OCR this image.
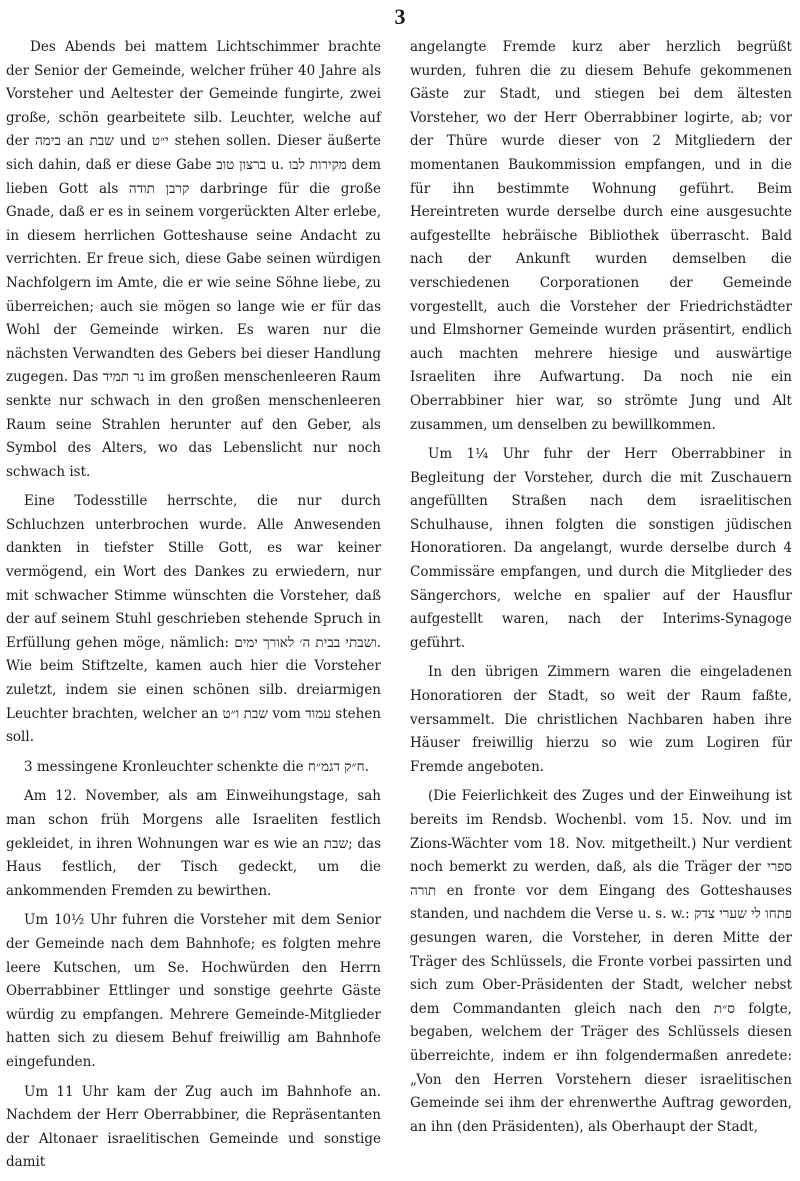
3

Des Abends bei mattem Lichtschimmer brachte der Senior der Gemeinde, welcher früher 40 Jahre als Vorsteher und Aeltester der Gemeinde fungirte, zwei große, schön gearbeitete silb. Leuchter, welche auf der בימה an שבת und י״ט stehen sollen. Dieser äußerte sich dahin, daß er diese Gabe ברצון טוב u. מקירות לבו dem lieben Gott als קרבן תודה darbringe für die große Gnade, daß er es in seinem vorgerückten Alter erlebe, in diesem herrlichen Gotteshause seine Andacht zu verrichten. Er freue sich, diese Gabe seinen würdigen Nachfolgern im Amte, die er wie seine Söhne liebe, zu überreichen; auch sie mögen so lange wie er für das Wohl der Gemeinde wirken. Es waren nur die nächsten Verwandten des Gebers bei dieser Handlung zugegen. Das נר תמיד im großen menschenleeren Raum senkte nur schwach in den großen menschenleeren Raum seine Strahlen herunter auf den Geber, als Symbol des Alters, wo das Lebenslicht nur noch schwach ist.

Eine Todesstille herrschte, die nur durch Schluchzen unterbrochen wurde. Alle Anwesenden dankten in tiefster Stille Gott, es war keiner vermögend, ein Wort des Dankes zu erwiedern, nur mit schwacher Stimme wünschten die Vorsteher, daß der auf seinem Stuhl geschrieben stehende Spruch in Erfüllung gehen möge, nämlich: ושבתי בבית ה׳ לאורך ימים. Wie beim Stiftzelte, kamen auch hier die Vorsteher zuletzt, indem sie einen schönen silb. dreiarmigen Leuchter brachten, welcher an שבת ו״ט vom עמוד stehen soll.

3 messingene Kronleuchter schenkte die ח״ק דגמ״ח.

Am 12. November, als am Einweihungstage, sah man schon früh Morgens alle Israeliten festlich gekleidet, in ihren Wohnungen war es wie an שבת; das Haus festlich, der Tisch gedeckt, um die ankommenden Fremden zu bewirthen.

Um 10½ Uhr fuhren die Vorsteher mit dem Senior der Gemeinde nach dem Bahnhofe; es folgten mehre leere Kutschen, um Se. Hochwürden den Herrn Oberrabbiner Ettlinger und sonstige geehrte Gäste würdig zu empfangen. Mehrere Gemeinde-Mitglieder hatten sich zu diesem Behuf freiwillig am Bahnhofe eingefunden.

Um 11 Uhr kam der Zug auch im Bahnhofe an. Nachdem der Herr Oberrabbiner, die Repräsentanten der Altonaer israelitischen Gemeinde und sonstige damit

angelangte Fremde kurz aber herzlich begrüßt wurden, fuhren die zu diesem Behufe gekommenen Gäste zur Stadt, und stiegen bei dem ältesten Vorsteher, wo der Herr Oberrabbiner logirte, ab; vor der Thüre wurde dieser von 2 Mitgliedern der momentanen Baukommission empfangen, und in die für ihn bestimmte Wohnung geführt. Beim Hereintreten wurde derselbe durch eine ausgesuchte aufgestellte hebräische Bibliothek überrascht. Bald nach der Ankunft wurden demselben die verschiedenen Corporationen der Gemeinde vorgestellt, auch die Vorsteher der Friedrichstädter und Elmshorner Gemeinde wurden präsentirt, endlich auch machten mehrere hiesige und auswärtige Israeliten ihre Aufwartung. Da noch nie ein Oberrabbiner hier war, so strömte Jung und Alt zusammen, um denselben zu bewillkommen.

Um 1¼ Uhr fuhr der Herr Oberrabbiner in Begleitung der Vorsteher, durch die mit Zuschauern angefüllten Straßen nach dem israelitischen Schulhause, ihnen folgten die sonstigen jüdischen Honoratioren. Da angelangt, wurde derselbe durch 4 Commissäre empfangen, und durch die Mitglieder des Sängerchors, welche en spalier auf der Hausflur aufgestellt waren, nach der Interims-Synagoge geführt.

In den übrigen Zimmern waren die eingeladenen Honoratioren der Stadt, so weit der Raum faßte, versammelt. Die christlichen Nachbaren haben ihre Häuser freiwillig hierzu so wie zum Logiren für Fremde angeboten.

(Die Feierlichkeit des Zuges und der Einweihung ist bereits im Rendsb. Wochenbl. vom 15. Nov. und im Zions-Wächter vom 18. Nov. mitgetheilt.) Nur verdient noch bemerkt zu werden, daß, als die Träger der ספרי תורה en fronte vor dem Eingang des Gotteshauses standen, und nachdem die Verse u. s. w.: פתחו לי שערי צדק gesungen waren, die Vorsteher, in deren Mitte der Träger des Schlüssels, die Fronte vorbei passirten und sich zum Ober-Präsidenten der Stadt, welcher nebst dem Commandanten gleich nach den ס״ת folgte, begaben, welchem der Träger des Schlüssels diesen überreichte, indem er ihn folgendermaßen anredete: „Von den Herren Vorstehern dieser israelitischen Gemeinde sei ihm der ehrenwerthe Auftrag geworden, an ihn (den Präsidenten), als Oberhaupt der Stadt,
